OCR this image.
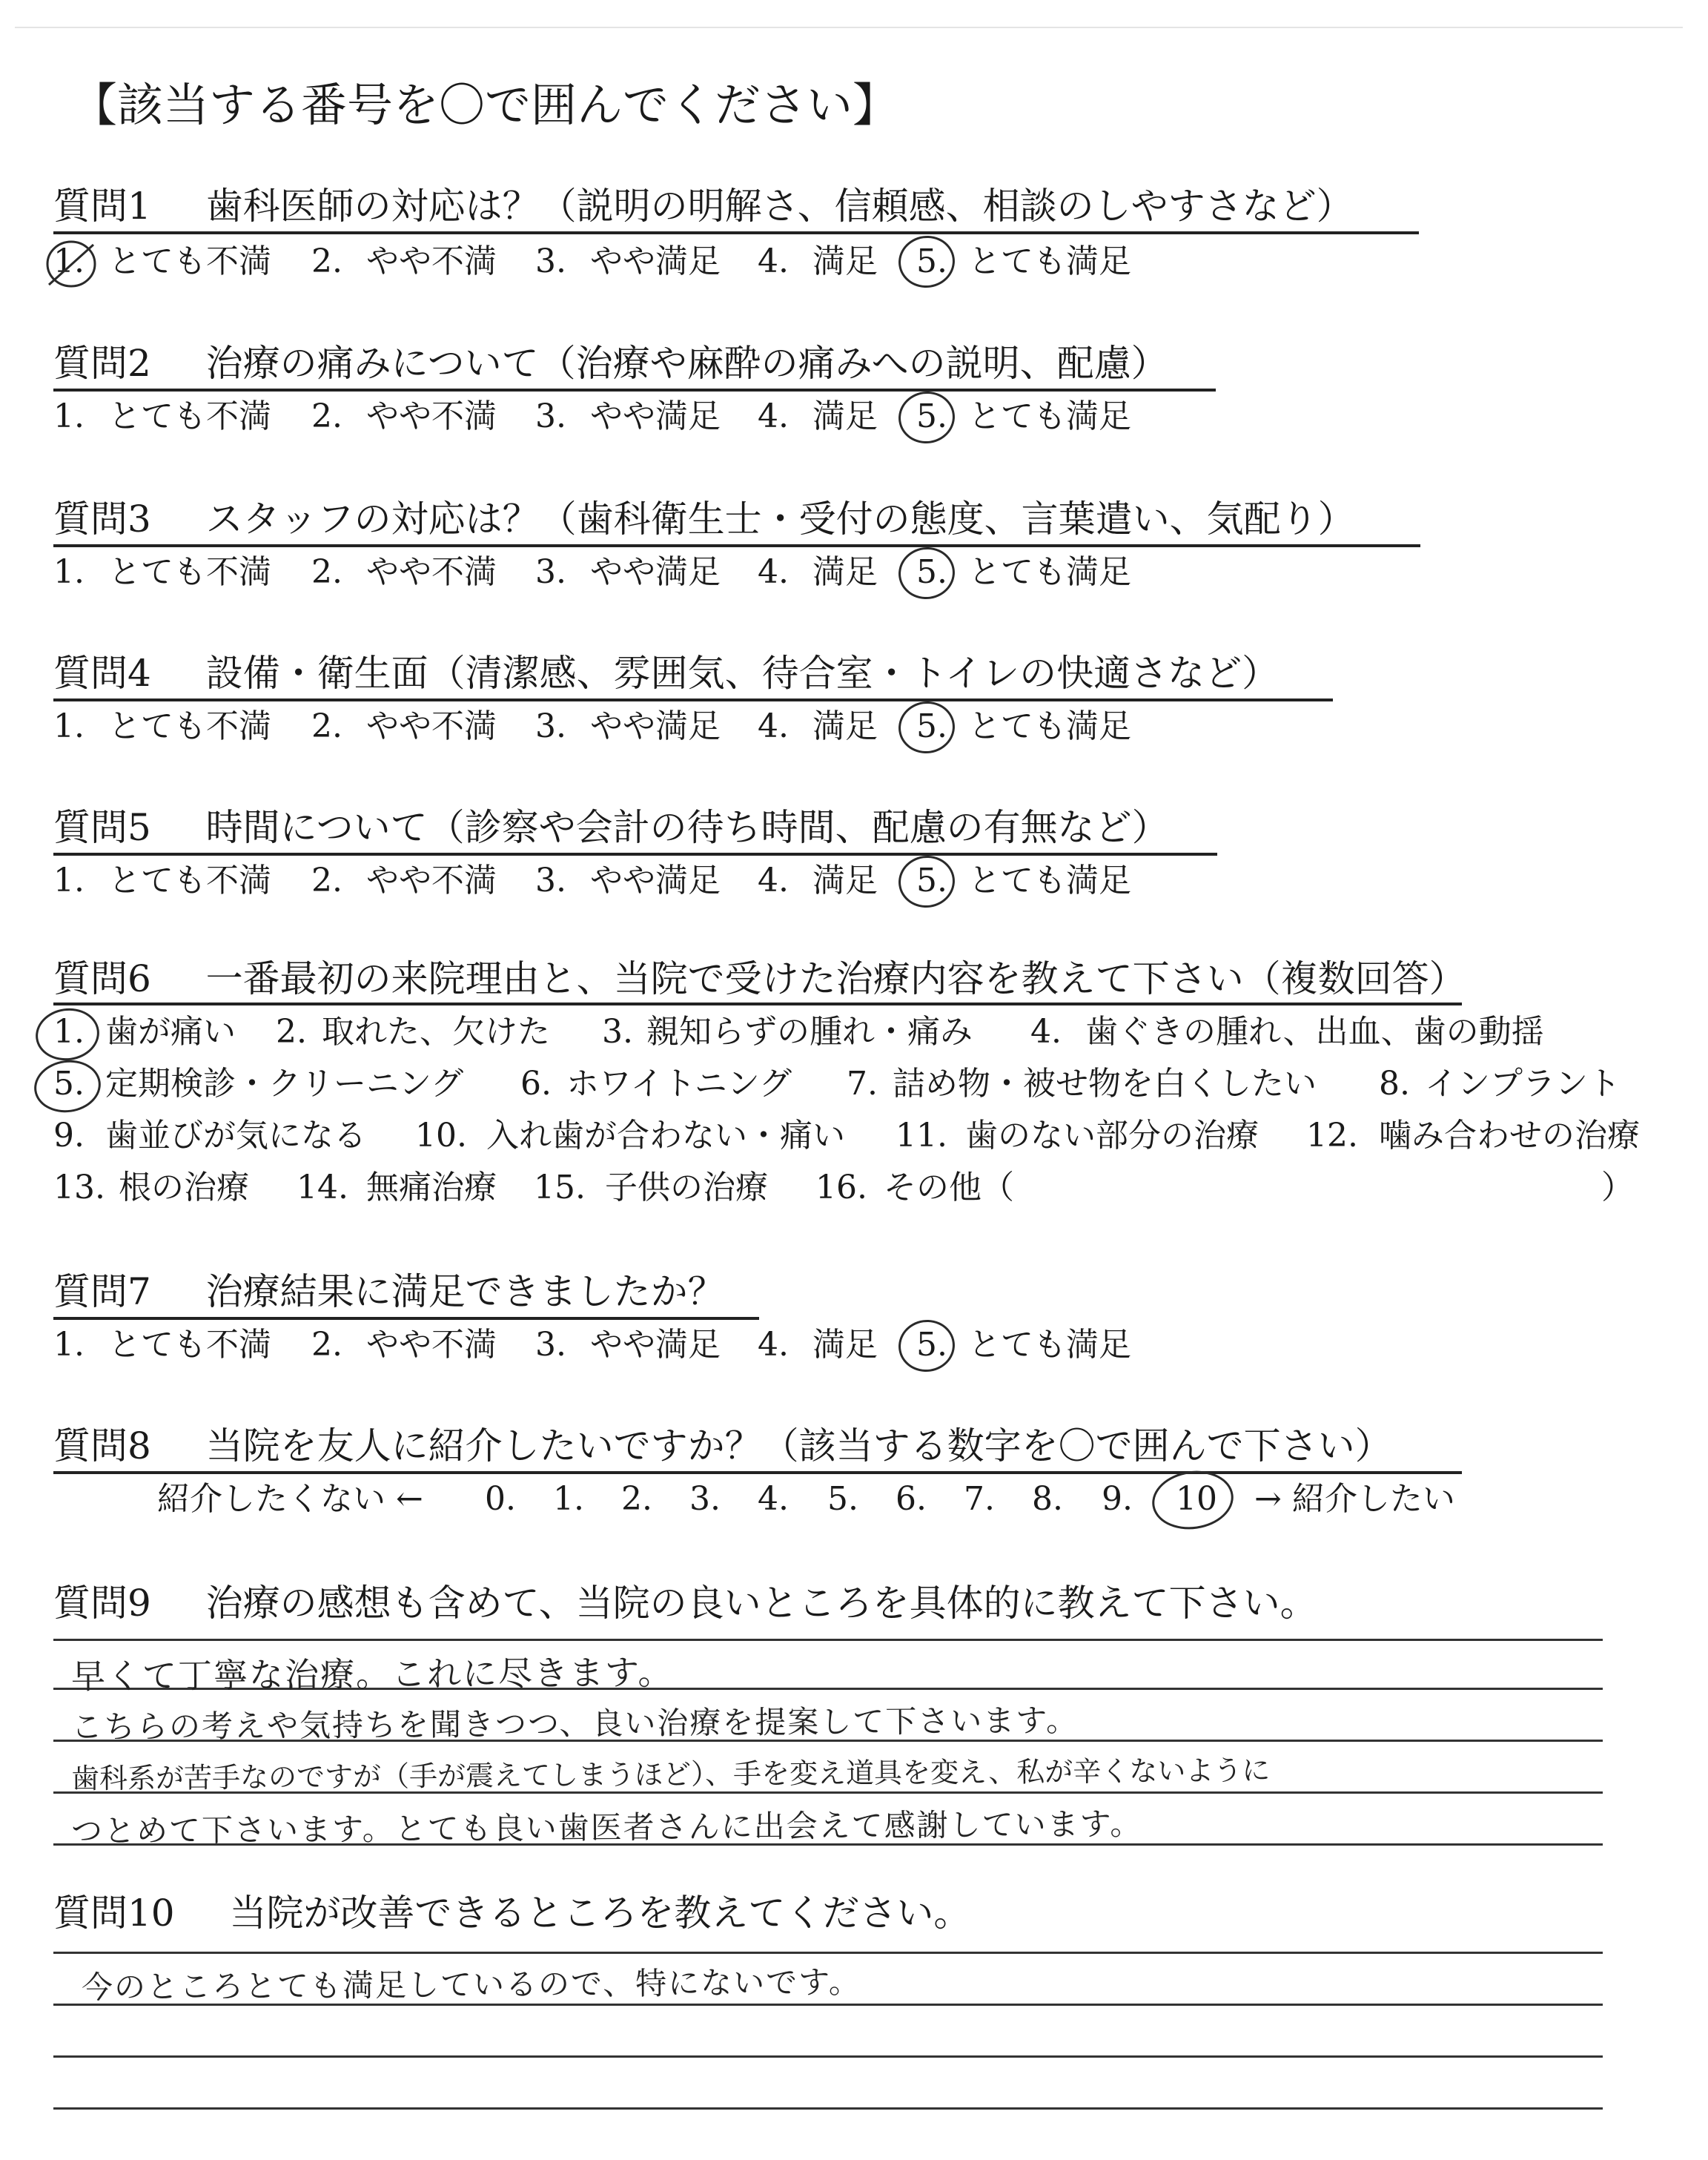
【該当する番号を〇で囲んでください】
質問1 歯科医師の対応は？（説明の明解さ、信頼感、相談のしやすさなど）
1. とても不満 2. やや不満 3. やや満足 4. 満足 5. とても満足
質問2 治療の痛みについて（治療や麻酔の痛みへの説明、配慮）
1. とても不満 2. やや不満 3. やや満足 4. 満足 5. とても満足
質問3 スタッフの対応は？（歯科衛生士・受付の態度、言葉遣い、気配り）
1. とても不満 2. やや不満 3. やや満足 4. 満足 5. とても満足
質問4 設備・衛生面（清潔感、雰囲気、待合室・トイレの快適さなど）
1. とても不満 2. やや不満 3. やや満足 4. 満足 5. とても満足
質問5 時間について（診察や会計の待ち時間、配慮の有無など）
1. とても不満 2. やや不満 3. やや満足 4. 満足 5. とても満足
質問6 一番最初の来院理由と、当院で受けた治療内容を教えて下さい（複数回答）
1. 歯が痛い 2. 取れた、欠けた 3. 親知らずの腫れ・痛み 4. 歯ぐきの腫れ、出血、歯の動揺
5. 定期検診・クリーニング 6. ホワイトニング 7. 詰め物・被せ物を白くしたい 8. インプラント
9. 歯並びが気になる 10. 入れ歯が合わない・痛い 11. 歯のない部分の治療 12. 噛み合わせの治療
13. 根の治療 14. 無痛治療 15. 子供の治療 16. その他（	）
質問7 治療結果に満足できましたか？
1. とても不満 2. やや不満 3. やや満足 4. 満足 5. とても満足
質問8 当院を友人に紹介したいですか？（該当する数字を〇で囲んで下さい）
紹介したくない ← 0. 1. 2. 3. 4. 5. 6. 7. 8. 9. 10 → 紹介したい
質問9 治療の感想も含めて、当院の良いところを具体的に教えて下さい。
早くて丁寧な治療。これに尽きます。
こちらの考えや気持ちを聞きつつ、良い治療を提案して下さいます。
歯科系が苦手なのですが（手が震えてしまうほど）、手を変え道具を変え、私が辛くないように
つとめて下さいます。とても良い歯医者さんに出会えて感謝しています。
質問10 当院が改善できるところを教えてください。
今のところとても満足しているので、特にないです。
